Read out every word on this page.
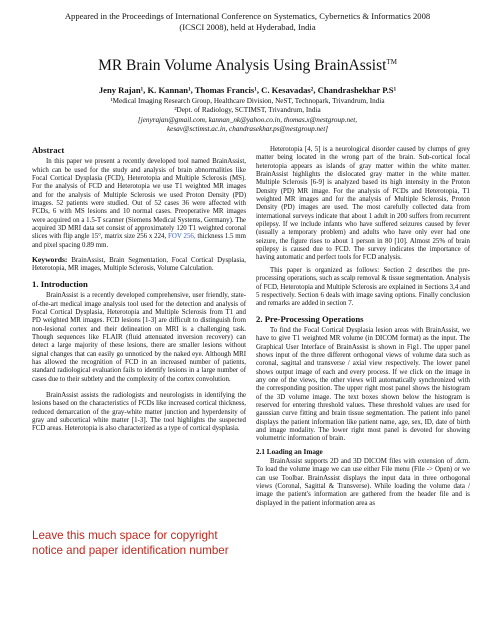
Appeared in the Proceedings of International Conference on Systematics, Cybernetics & Informatics 2008
(ICSCI 2008), held at Hyderabad, India
MR Brain Volume Analysis Using BrainAssist™
Jeny Rajan¹, K. Kannan¹, Thomas Francis¹, C. Kesavadas², Chandrashekhar P.S¹
¹Medical Imaging Research Group, Healthcare Division, NeST, Technopark, Trivandrum, India
²Dept. of Radiology, SCTIMST, Trivandrum, India
[jenyrajan@gmail.com, kannan_nk@yahoo.co.in, thomas.x@nestgroup.net,
kesav@sctimst.ac.in, chandrasekhar.ps@nestgroup.net]
Abstract

In this paper we present a recently developed tool named BrainAssist, which can be used for the study and analysis of brain abnormalities like Focal Cortical Dysplasia (FCD), Heterotopia and Multiple Sclerosis (MS). For the analysis of FCD and Heterotopia we use T1 weighted MR images and for the analysis of Multiple Sclerosis we used Proton Density (PD) images. 52 patients were studied. Out of 52 cases 36 were affected with FCDs, 6 with MS lesions and 10 normal cases. Preoperative MR images were acquired on a 1.5-T scanner (Siemens Medical Systems, Germany). The acquired 3D MRI data set consist of approximately 120 T1 weighted coronal slices with flip angle 15°, matrix size 256 x 224, FOV 256, thickness 1.5 mm and pixel spacing 0.89 mm.

Keywords: BrainAssist, Brain Segmentation, Focal Cortical Dysplasia, Heterotopia, MR images, Multiple Sclerosis, Volume Calculation.

1. Introduction

BrainAssist is a recently developed comprehensive, user friendly, state-of-the-art medical image analysis tool used for the detection and analysis of Focal Cortical Dysplasia, Heterotopia and Multiple Sclerosis from T1 and PD weighted MR images. FCD lesions [1-3] are difficult to distinguish from non-lesional cortex and their delineation on MRI is a challenging task. Though sequences like FLAIR (fluid attenuated inversion recovery) can detect a large majority of these lesions, there are smaller lesions without signal changes that can easily go unnoticed by the naked eye. Although MRI has allowed the recognition of FCD in an increased number of patients, standard radiological evaluation fails to identify lesions in a large number of cases due to their subtlety and the complexity of the cortex convolution.

BrainAssist assists the radiologists and neurologists in identifying the lesions based on the characteristics of FCDs like increased cortical thickness, reduced demarcation of the gray-white matter junction and hyperdensity of gray and subcortical white matter [1-3]. The tool highlights the suspected FCD areas. Heterotopia is also characterized as a type of cortical dysplasia.

Leave this much space for copyright notice and paper identification number

Heterotopia [4, 5] is a neurological disorder caused by clumps of grey matter being located in the wrong part of the brain. Sub-cortical focal heterotopia appears as islands of gray matter within the white matter. BrainAssist highlights the dislocated gray matter in the white matter. Multiple Sclerosis [6-9] is analyzed based its high intensity in the Proton Density (PD) MR image. For the analysis of FCDs and Heterotopia, T1 weighted MR images and for the analysis of Multiple Sclerosis, Proton Density (PD) images are used. The most carefully collected data from international surveys indicate that about 1 adult in 200 suffers from recurrent epilepsy. If we include infants who have suffered seizures caused by fever (usually a temporary problem) and adults who have only ever had one seizure, the figure rises to about 1 person in 80 [10]. Almost 25% of brain epilepsy is caused due to FCD. The survey indicates the importance of having automatic and perfect tools for FCD analysis.

This paper is organized as follows: Section 2 describes the pre-processing operations, such as scalp removal & tissue segmentation. Analysis of FCD, Heterotopia and Multiple Sclerosis are explained in Sections 3,4 and 5 respectively. Section 6 deals with image saving options. Finally conclusion and remarks are added in section 7.

2. Pre-Processing Operations

To find the Focal Cortical Dysplasia lesion areas with BrainAssist, we have to give T1 weighted MR volume (in DICOM format) as the input. The Graphical User Interface of BrainAssist is shown in Fig1. The upper panel shows input of the three different orthogonal views of volume data such as coronal, sagittal and transverse / axial view respectively. The lower panel shows output image of each and every process. If we click on the image in any one of the views, the other views will automatically synchronized with the corresponding position. The upper right most panel shows the histogram of the 3D volume image. The text boxes shown below the histogram is reserved for entering threshold values. These threshold values are used for gaussian curve fitting and brain tissue segmentation. The patient info panel displays the patient information like patient name, age, sex, ID, date of birth and image modality. The lower right most panel is devoted for showing volumetric information of brain.

2.1 Loading an Image

BrainAssist supports 2D and 3D DICOM files with extension of .dcm. To load the volume image we can use either File menu (File -> Open) or we can use Toolbar. BrainAssist displays the input data in three orthogonal views (Coronal, Sagittal & Transverse). While loading the volume data / image the patient's information are gathered from the header file and is displayed in the patient information area as
